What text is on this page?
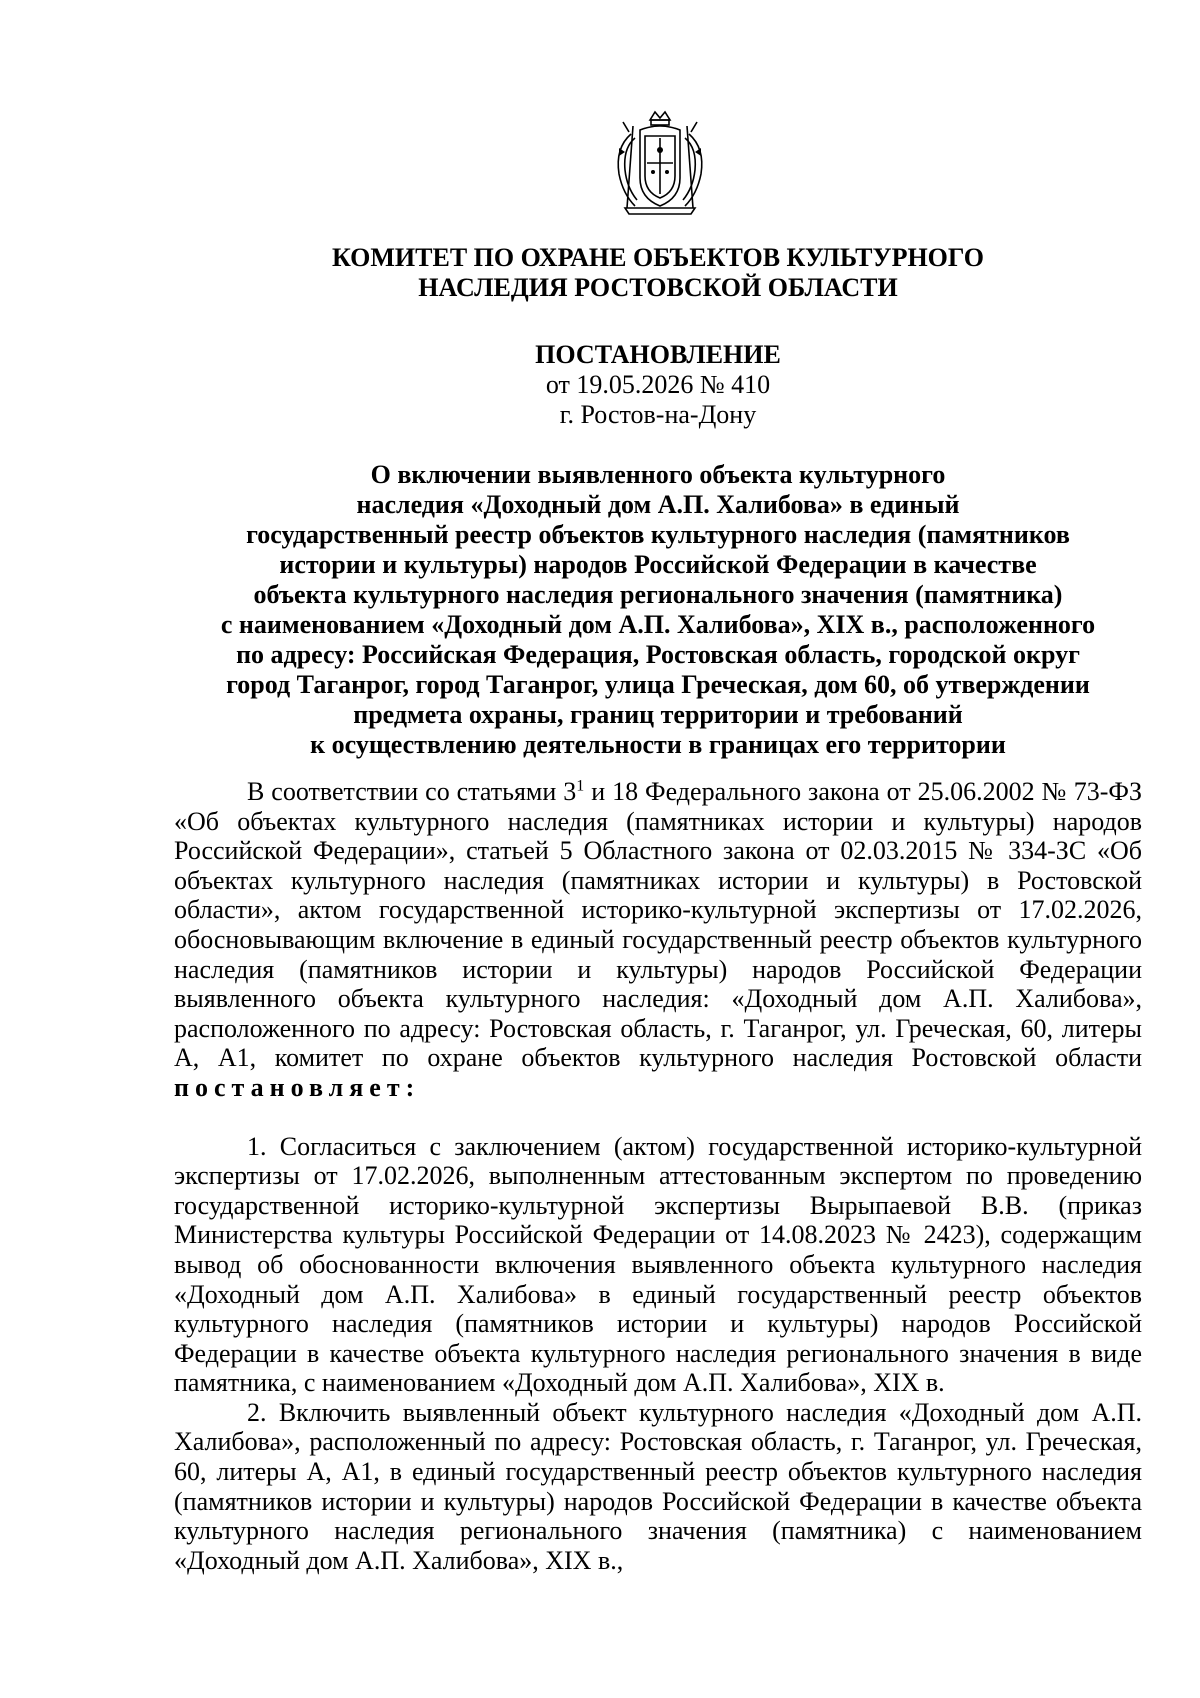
КОМИТЕТ ПО ОХРАНЕ ОБЪЕКТОВ КУЛЬТУРНОГО
НАСЛЕДИЯ РОСТОВСКОЙ ОБЛАСТИ
ПОСТАНОВЛЕНИЕ
от 19.05.2026 № 410
г. Ростов-на-Дону
О включении выявленного объекта культурного
наследия «Доходный дом А.П. Халибова» в единый
государственный реестр объектов культурного наследия (памятников
истории и культуры) народов Российской Федерации в качестве
объекта культурного наследия регионального значения (памятника)
с наименованием «Доходный дом А.П. Халибова», XIX в., расположенного
по адресу: Российская Федерация, Ростовская область, городской округ
город Таганрог, город Таганрог, улица Греческая, дом 60, об утверждении
предмета охраны, границ территории и требований
к осуществлению деятельности в границах его территории

В соответствии со статьями $3^1$ и 18 Федерального закона от 25.06.2002 № 73-ФЗ «Об объектах культурного наследия (памятниках истории и культуры) народов Российской Федерации», статьей 5 Областного закона от 02.03.2015 № 334-ЗС «Об объектах культурного наследия (памятниках истории и культуры) в Ростовской области», актом государственной историко-культурной экспертизы от 17.02.2026, обосновывающим включение в единый государственный реестр объектов культурного наследия (памятников истории и культуры) народов Российской Федерации выявленного объекта культурного наследия: «Доходный дом А.П. Халибова», расположенного по адресу: Ростовская область, г. Таганрог, ул. Греческая, 60, литеры А, А1, комитет по охране объектов культурного наследия Ростовской области постановляет:

1. Согласиться с заключением (актом) государственной историко-культурной экспертизы от 17.02.2026, выполненным аттестованным экспертом по проведению государственной историко-культурной экспертизы Вырыпаевой В.В. (приказ Министерства культуры Российской Федерации от 14.08.2023 № 2423), содержащим вывод об обоснованности включения выявленного объекта культурного наследия «Доходный дом А.П. Халибова» в единый государственный реестр объектов культурного наследия (памятников истории и культуры) народов Российской Федерации в качестве объекта культурного наследия регионального значения в виде памятника, с наименованием «Доходный дом А.П. Халибова», XIX в.

2. Включить выявленный объект культурного наследия «Доходный дом А.П. Халибова», расположенный по адресу: Ростовская область, г. Таганрог, ул. Греческая, 60, литеры А, А1, в единый государственный реестр объектов культурного наследия (памятников истории и культуры) народов Российской Федерации в качестве объекта культурного наследия регионального значения (памятника) с наименованием «Доходный дом А.П. Халибова», XIX в.,
